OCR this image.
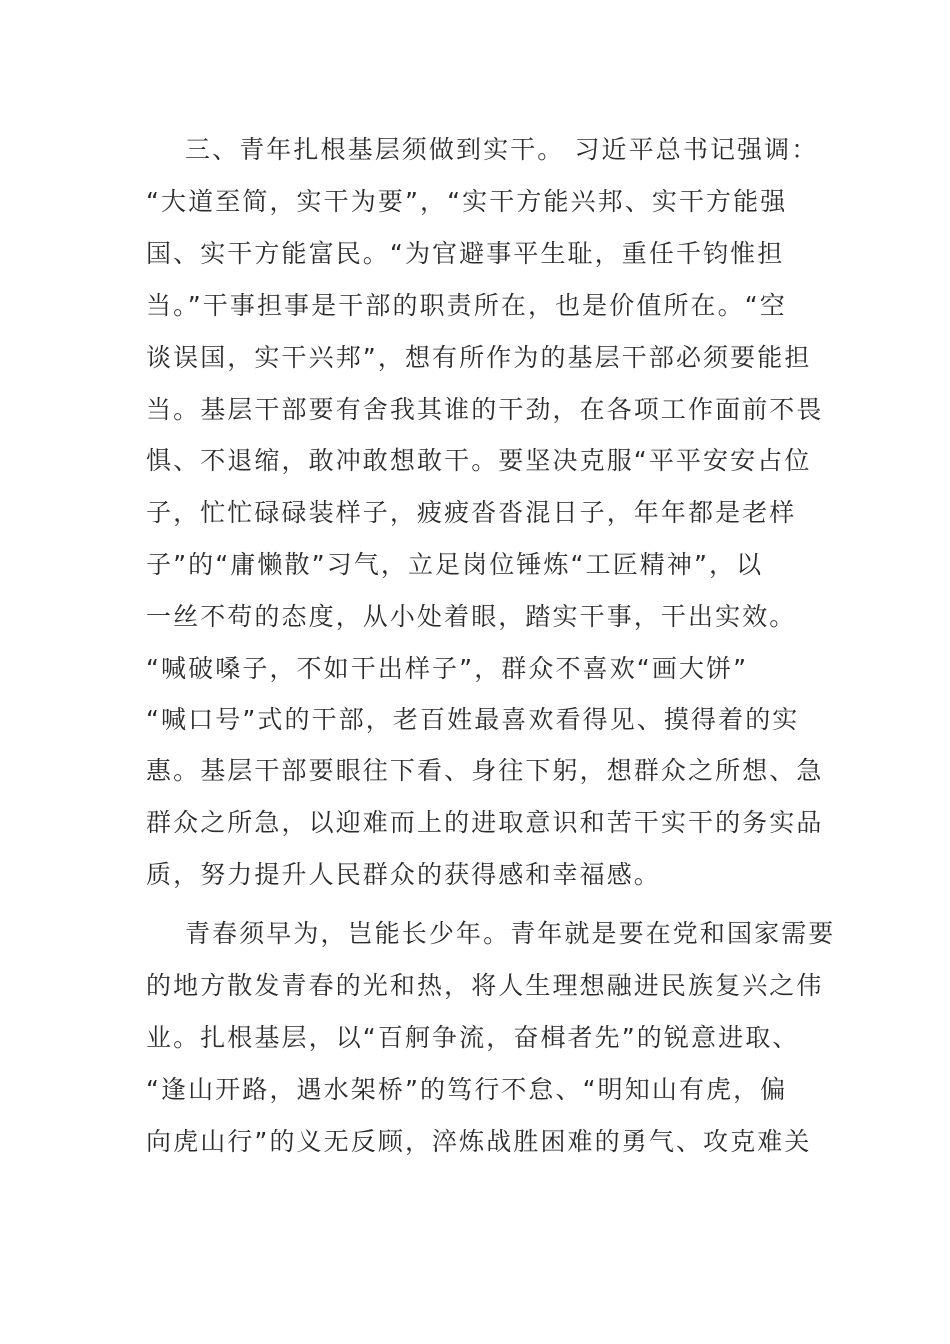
三、青年扎根基层须做到实干。 习近平总书记强调：
“大道至简，实干为要”，“实干方能兴邦、实干方能强
国、实干方能富民。“为官避事平生耻，重任千钧惟担
当。”干事担事是干部的职责所在，也是价值所在。“空
谈误国，实干兴邦”，想有所作为的基层干部必须要能担
当。基层干部要有舍我其谁的干劲，在各项工作面前不畏
惧、不退缩，敢冲敢想敢干。要坚决克服“平平安安占位
子，忙忙碌碌装样子，疲疲沓沓混日子，年年都是老样
子”的“庸懒散”习气，立足岗位锤炼“工匠精神”，以
一丝不苟的态度，从小处着眼，踏实干事，干出实效。
“喊破嗓子，不如干出样子”，群众不喜欢“画大饼”
“喊口号”式的干部，老百姓最喜欢看得见、摸得着的实
惠。基层干部要眼往下看、身往下躬，想群众之所想、急
群众之所急，以迎难而上的进取意识和苦干实干的务实品
质，努力提升人民群众的获得感和幸福感。
青春须早为，岂能长少年。青年就是要在党和国家需要
的地方散发青春的光和热，将人生理想融进民族复兴之伟
业。扎根基层，以“百舸争流，奋楫者先”的锐意进取、
“逢山开路，遇水架桥”的笃行不怠、“明知山有虎，偏
向虎山行”的义无反顾，淬炼战胜困难的勇气、攻克难关
